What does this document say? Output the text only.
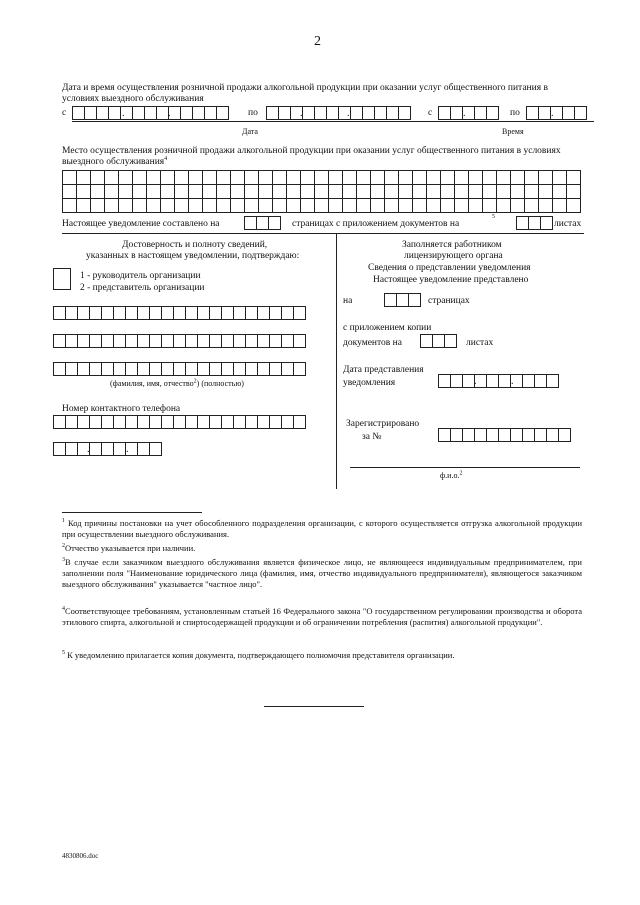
2
Дата и время осуществления розничной продажи алкогольной продукции при оказании услуг общественного питания в условиях выездного обслуживания
с	.	.	по	.	.	с	.	по	.
Дата	Время
Место осуществления розничной продажи алкогольной продукции при оказании услуг общественного питания в условиях выездного обслуживания$^4$

Настоящее уведомление составлено на	страницах с приложением документов на
5
листах
Достоверность и полноту сведений,
указанных в настоящем уведомлении, подтверждаю:
1 - руководитель организации
2 - представитель организации
(фамилия, имя, отчество$^2$) (полностью)
Номер контактного телефона
.	.
Заполняется работником
лицензирующего органа
Сведения о представлении уведомления
Настоящее уведомление представлено
на	страницах
с приложением копии
документов на	листах
Дата представления
уведомления	.	.
Зарегистрировано
за №
ф.и.о.$^2$
$^1$ Код причины постановки на учет обособленного подразделения организации, с которого осуществляется отгрузка алкогольной продукции при осуществлении выездного обслуживания.
$^2$Отчество указывается при наличии.
$^3$В случае если заказчиком выездного обслуживания является физическое лицо, не являющееся индивидуальным предпринимателем, при заполнении поля "Наименование юридического лица (фамилия, имя, отчество индивидуального предпринимателя), являющегося заказчиком выездного обслуживания" указывается "частное лицо".
$^4$Соответствующее требованиям, установленным статьей 16 Федерального закона "О государственном регулировании производства и оборота этилового спирта, алкогольной и спиртосодержащей продукции и об ограничении потребления (распития) алкогольной продукции".
$^5$ К уведомлению прилагается копия документа, подтверждающего полномочия представителя организации.
4830806.doc
